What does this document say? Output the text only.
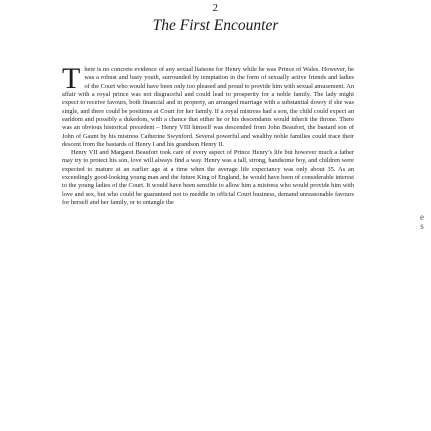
2
The First Encounter

There is no concrete evidence of any sexual liaisons for Henry while he was Prince of Wales. However, he was a robust and lusty youth, surrounded by temptation in the form of sexually active friends and ladies of the Court who would have been only too pleased and proud to provide him with sexual amusement. An affair with a royal prince was not disgraceful and could lead to prosperity for a noble family. The lady might expect to receive favours, both financial and in property, an arranged marriage with a substantial dowry if she was single, and there could be positions at Court for her family. If a royal mistress had a son, the child could expect an earldom and possibly a dukedom, with a chance that either he or his descendants would inherit the throne. There was an obvious historical precedent – Henry VIII himself was descended from John Beaufort, the bastard son of John of Gaunt by his mistress Catherine Swynford. Several powerful and wealthy noble families could trace their descent from the bastards of Henry I and his grandson Henry II.

Henry VII and Margaret Beaufort took care of every aspect of Prince Henry’s life but however much a father may try to protect his son, love will always find a way. Henry was a tall, strong, handsome boy, and children were expected to mature at an earlier age at a time when the average life expectancy was only about 35. As an exceedingly good-looking young man and the future King of England, he would have been of considerable interest to the young ladies of the Court. It would have been sensible to allow him a mistress who would provide him with love and sex, but who could be guaranteed not to meddle in official Court business, demand unreasonable favours for herself and her family, or to entangle the

e
s
